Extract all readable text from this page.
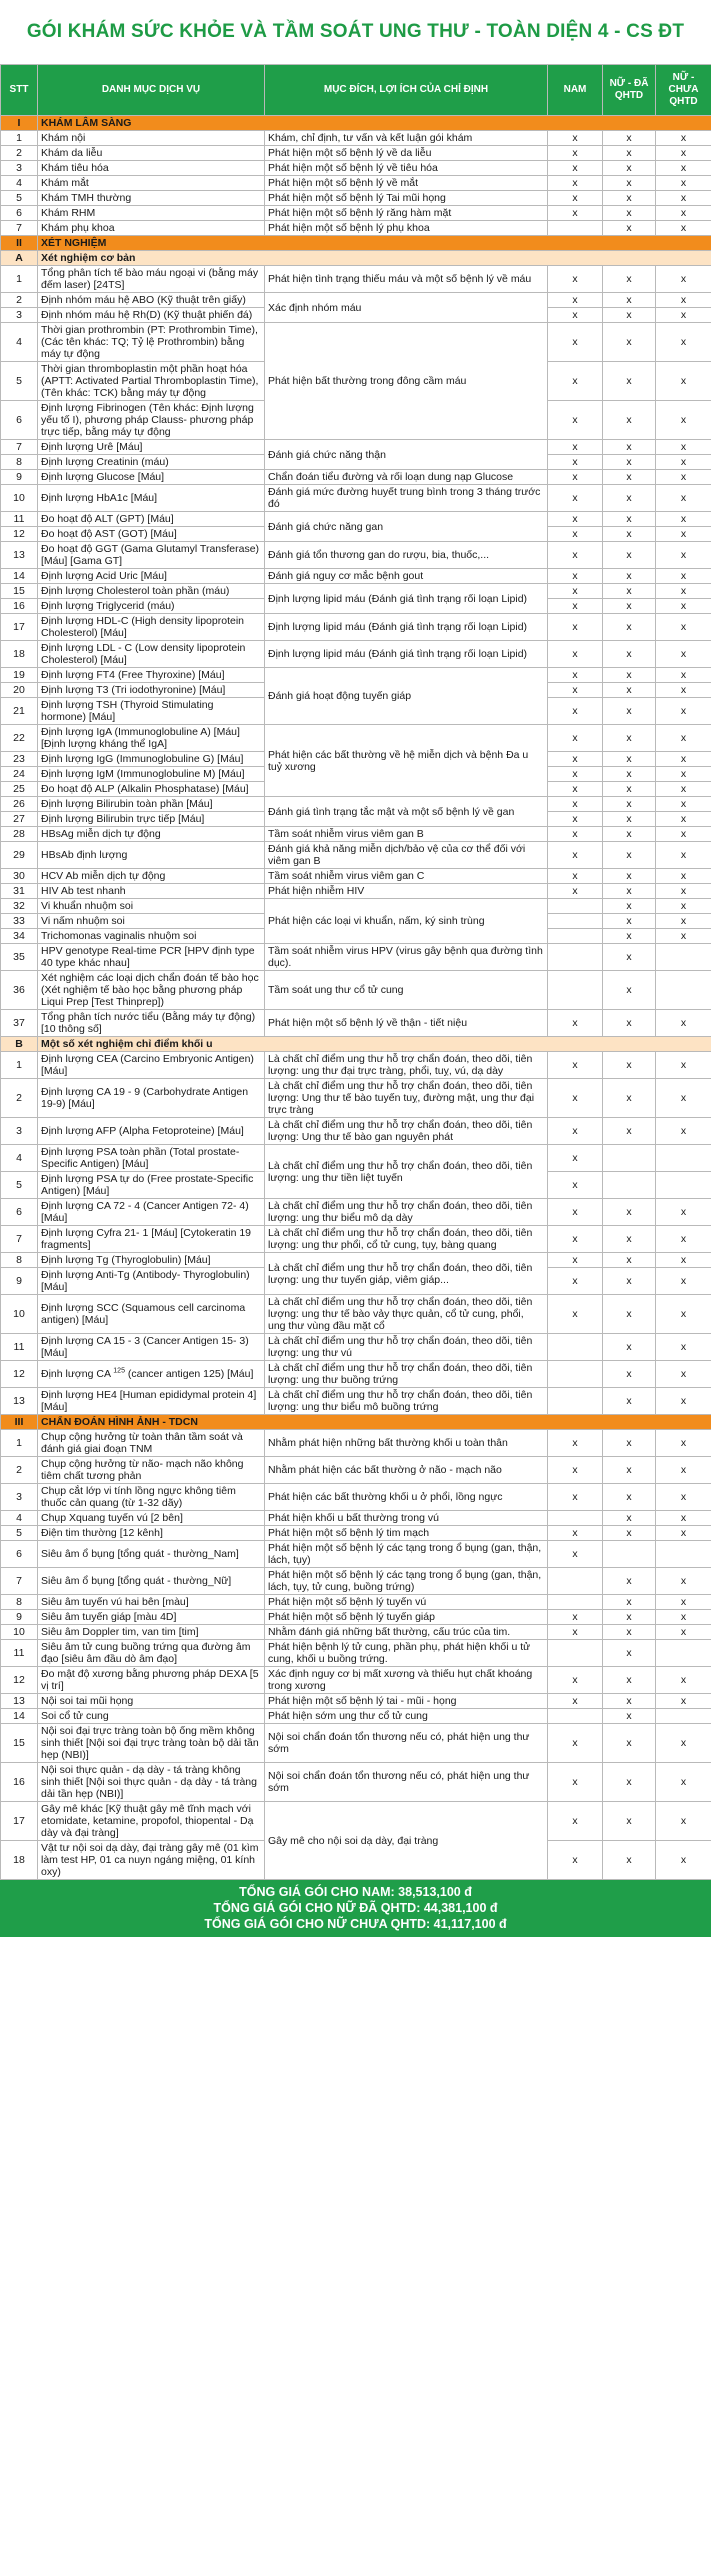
GÓI KHÁM SỨC KHỎE VÀ TẦM SOÁT UNG THƯ - TOÀN DIỆN 4 - CS ĐT
STT	DANH MỤC DỊCH VỤ	MỤC ĐÍCH, LỢI ÍCH CỦA CHỈ ĐỊNH	NAM	NỮ - ĐÃ QHTD	NỮ - CHƯA QHTD
I	KHÁM LÂM SÀNG				
1	Khám nội	Khám, chỉ định, tư vấn và kết luận gói khám	x	x	x
2	Khám da liễu	Phát hiện một số bệnh lý về da liễu	x	x	x
3	Khám tiêu hóa	Phát hiện một số bệnh lý về tiêu hóa	x	x	x
4	Khám mắt	Phát hiện một số bệnh lý về mắt	x	x	x
5	Khám TMH thường	Phát hiện một số bệnh lý Tai mũi họng	x	x	x
6	Khám RHM	Phát hiện một số bệnh lý răng hàm mặt	x	x	x
7	Khám phụ khoa	Phát hiện một số bệnh lý phụ khoa		x	x
II	XÉT NGHIỆM				
A	Xét nghiệm cơ bản				
1	Tổng phân tích tế bào máu ngoại vi (bằng máy đếm laser) [24TS]	Phát hiện tình trạng thiếu máu và một số bệnh lý về máu	x	x	x
2	Định nhóm máu hệ ABO (Kỹ thuật trên giấy)	Xác định nhóm máu	x	x	x
3	Định nhóm máu hệ Rh(D) (Kỹ thuật phiến đá)		x	x	x
4	Thời gian prothrombin (PT: Prothrombin Time), (Các tên khác: TQ; Tỷ lệ Prothrombin) bằng máy tự động	Phát hiện bất thường trong đông cầm máu	x	x	x
5	Thời gian thromboplastin một phần hoạt hóa (APTT: Activated Partial Thromboplastin Time), (Tên khác: TCK) bằng máy tự động		x	x	x
6	Định lượng Fibrinogen (Tên khác: Định lượng yếu tố I), phương pháp Clauss- phương pháp trực tiếp, bằng máy tự động		x	x	x
7	Định lượng Urê [Máu]	Đánh giá chức năng thận	x	x	x
8	Định lượng Creatinin (máu)		x	x	x
9	Định lượng Glucose [Máu]	Chẩn đoán tiểu đường và rối loạn dung nạp Glucose	x	x	x
10	Định lượng HbA1c [Máu]	Đánh giá mức đường huyết trung bình trong 3 tháng trước đó	x	x	x
11	Đo hoạt độ ALT (GPT) [Máu]	Đánh giá chức năng gan	x	x	x
12	Đo hoạt độ AST (GOT) [Máu]		x	x	x
13	Đo hoạt độ GGT (Gama Glutamyl Transferase) [Máu] [Gama GT]	Đánh giá tổn thương gan do rượu, bia, thuốc,...	x	x	x
14	Định lượng Acid Uric [Máu]	Đánh giá nguy cơ mắc bệnh gout	x	x	x
15	Định lượng Cholesterol toàn phần (máu)	Định lượng lipid máu (Đánh giá tình trạng rối loạn Lipid)	x	x	x
16	Định lượng Triglycerid (máu)		x	x	x
17	Định lượng HDL-C (High density lipoprotein Cholesterol) [Máu]	Định lượng lipid máu (Đánh giá tình trạng rối loạn Lipid)	x	x	x
18	Định lượng LDL - C (Low density lipoprotein Cholesterol) [Máu]	Định lượng lipid máu (Đánh giá tình trạng rối loạn Lipid)	x	x	x
19	Định lượng FT4 (Free Thyroxine) [Máu]	Đánh giá hoạt động tuyến giáp	x	x	x
20	Định lượng T3 (Tri iodothyronine) [Máu]		x	x	x
21	Định lượng TSH (Thyroid Stimulating hormone) [Máu]		x	x	x
22	Định lượng IgA (Immunoglobuline A) [Máu] [Định lượng kháng thể IgA]	Phát hiện các bất thường về hệ miễn dịch và bệnh Đa u tuỷ xương	x	x	x
23	Định lượng IgG (Immunoglobuline G) [Máu]		x	x	x
24	Định lượng IgM (Immunoglobuline M) [Máu]		x	x	x
25	Đo hoạt độ ALP (Alkalin Phosphatase) [Máu]		x	x	x
26	Định lượng Bilirubin toàn phần [Máu]	Đánh giá tình trạng tắc mật và một số bệnh lý về gan	x	x	x
27	Định lượng Bilirubin trực tiếp [Máu]		x	x	x
28	HBsAg miễn dịch tự động	Tầm soát nhiễm virus viêm gan B	x	x	x
29	HBsAb định lượng	Đánh giá khả năng miễn dịch/bảo vệ của cơ thể đối với viêm gan B	x	x	x
30	HCV Ab miễn dịch tự động	Tầm soát nhiễm virus viêm gan C	x	x	x
31	HIV Ab test nhanh	Phát hiện nhiễm HIV	x	x	x
32	Vi khuẩn nhuộm soi	Phát hiện các loại vi khuẩn, nấm, ký sinh trùng		x	x
33	Vi nấm nhuộm soi			x	x
34	Trichomonas vaginalis nhuộm soi			x	x
35	HPV genotype Real-time PCR [HPV định type 40 type khác nhau]	Tầm soát nhiễm virus HPV (virus gây bệnh qua đường tình dục).		x	
36	Xét nghiệm các loại dịch chẩn đoán tế bào học (Xét nghiệm tế bào học bằng phương pháp Liqui Prep [Test Thinprep])	Tầm soát ung thư cổ tử cung		x	
37	Tổng phân tích nước tiểu (Bằng máy tự động) [10 thông số]	Phát hiện một số bệnh lý về thận - tiết niệu	x	x	x
B	Một số xét nghiệm chỉ điểm khối u				
1	Định lượng CEA (Carcino Embryonic Antigen) [Máu]	Là chất chỉ điểm ung thư hỗ trợ chẩn đoán, theo dõi, tiên lượng: ung thư đại trực tràng, phổi, tuỵ, vú, dạ dày	x	x	x
2	Định lượng CA 19 - 9 (Carbohydrate Antigen 19-9) [Máu]	Là chất chỉ điểm ung thư hỗ trợ chẩn đoán, theo dõi, tiên lượng: Ung thư tế bào tuyến tuỵ, đường mật, ung thư đại trực tràng	x	x	x
3	Định lượng AFP (Alpha Fetoproteine) [Máu]	Là chất chỉ điểm ung thư hỗ trợ chẩn đoán, theo dõi, tiên lượng: Ung thư tế bào gan nguyên phát	x	x	x
4	Định lượng PSA toàn phần (Total prostate-Specific Antigen) [Máu]	Là chất chỉ điểm ung thư hỗ trợ chẩn đoán, theo dõi, tiên lượng: ung thư tiền liệt tuyến	x		
5	Định lượng PSA tự do (Free prostate-Specific Antigen) [Máu]		x		
6	Định lượng CA 72 - 4 (Cancer Antigen 72- 4) [Máu]	Là chất chỉ điểm ung thư hỗ trợ chẩn đoán, theo dõi, tiên lượng: ung thư biểu mô dạ dày	x	x	x
7	Định lượng Cyfra 21- 1 [Máu] [Cytokeratin 19 fragments]	Là chất chỉ điểm ung thư hỗ trợ chẩn đoán, theo dõi, tiên lượng: ung thư phổi, cổ tử cung, tụy, bàng quang	x	x	x
8	Định lượng Tg (Thyroglobulin) [Máu]	Là chất chỉ điểm ung thư hỗ trợ chẩn đoán, theo dõi, tiên lượng: ung thư tuyến giáp, viêm giáp...	x	x	x
9	Định lượng Anti-Tg (Antibody- Thyroglobulin) [Máu]		x	x	x
10	Định lượng SCC (Squamous cell carcinoma antigen) [Máu]	Là chất chỉ điểm ung thư hỗ trợ chẩn đoán, theo dõi, tiên lượng: ung thư tế bào vảy thực quản, cổ tử cung, phổi, ung thư vùng đầu mặt cổ	x	x	x
11	Định lượng CA 15 - 3 (Cancer Antigen 15- 3) [Máu]	Là chất chỉ điểm ung thư hỗ trợ chẩn đoán, theo dõi, tiên lượng: ung thư vú		x	x
12	Định lượng CA $^{125}$ (cancer antigen 125) [Máu]	Là chất chỉ điểm ung thư hỗ trợ chẩn đoán, theo dõi, tiên lượng: ung thư buồng trứng		x	x
13	Định lượng HE4 [Human epididymal protein 4] [Máu]	Là chất chỉ điểm ung thư hỗ trợ chẩn đoán, theo dõi, tiên lượng: ung thư biểu mô buồng trứng		x	x
III	CHẨN ĐOÁN HÌNH ẢNH - TDCN				
1	Chụp cộng hưởng từ toàn thân tầm soát và đánh giá giai đoạn TNM	Nhằm phát hiện những bất thường khối u toàn thân	x	x	x
2	Chụp cộng hưởng từ não- mạch não không tiêm chất tương phản	Nhằm phát hiện các bất thường ở não - mạch não	x	x	x
3	Chụp cắt lớp vi tính lồng ngực không tiêm thuốc cản quang (từ 1-32 dãy)	Phát hiện các bất thường khối u ở phổi, lồng ngực	x	x	x
4	Chụp Xquang tuyến vú [2 bên]	Phát hiện khối u bất thường trong vú		x	x
5	Điện tim thường [12 kênh]	Phát hiện một số bệnh lý tim mạch	x	x	x
6	Siêu âm ổ bụng [tổng quát - thường_Nam]	Phát hiện một số bệnh lý các tạng trong ổ bụng (gan, thận, lách, tụy)	x		
7	Siêu âm ổ bụng [tổng quát - thường_Nữ]	Phát hiện một số bệnh lý các tạng trong ổ bụng (gan, thận, lách, tụy, tử cung, buồng trứng)		x	x
8	Siêu âm tuyến vú hai bên [màu]	Phát hiện một số bệnh lý tuyến vú		x	x
9	Siêu âm tuyến giáp [màu 4D]	Phát hiện một số bệnh lý tuyến giáp	x	x	x
10	Siêu âm Doppler tim, van tim [tim]	Nhằm đánh giá những bất thường, cấu trúc của tim.	x	x	x
11	Siêu âm tử cung buồng trứng qua đường âm đạo [siêu âm đầu dò âm đạo]	Phát hiện bệnh lý tử cung, phần phụ, phát hiện khối u tử cung, khối u buồng trứng.		x	
12	Đo mật độ xương bằng phương pháp DEXA [5 vị trí]	Xác định nguy cơ bị mất xương và thiếu hụt chất khoáng trong xương	x	x	x
13	Nội soi tai mũi họng	Phát hiện một số bệnh lý tai - mũi - họng	x	x	x
14	Soi cổ tử cung	Phát hiện sớm ung thư cổ tử cung		x	
15	Nội soi đại trực tràng toàn bộ ống mềm không sinh thiết [Nội soi đại trực tràng toàn bộ dải tần hẹp (NBI)]	Nội soi chẩn đoán tổn thương nếu có, phát hiện ung thư sớm	x	x	x
16	Nội soi thực quản - dạ dày - tá tràng không sinh thiết [Nội soi thực quản - dạ dày - tá tràng dải tần hẹp (NBI)]	Nội soi chẩn đoán tổn thương nếu có, phát hiện ung thư sớm	x	x	x
17	Gây mê khác [Kỹ thuật gây mê tĩnh mạch với etomidate, ketamine, propofol, thiopental - Dạ dày và đại tràng]	Gây mê cho nội soi dạ dày, đại tràng	x	x	x
18	Vật tư nội soi dạ dày, đại tràng gây mê (01 kìm làm test HP, 01 ca nuyn ngáng miệng, 01 kính oxy)		x	x	x
TỔNG GIÁ GÓI CHO NAM: 38,513,100 đ
TỔNG GIÁ GÓI CHO NỮ ĐÃ QHTD: 44,381,100 đ
TỔNG GIÁ GÓI CHO NỮ CHƯA QHTD: 41,117,100 đ
